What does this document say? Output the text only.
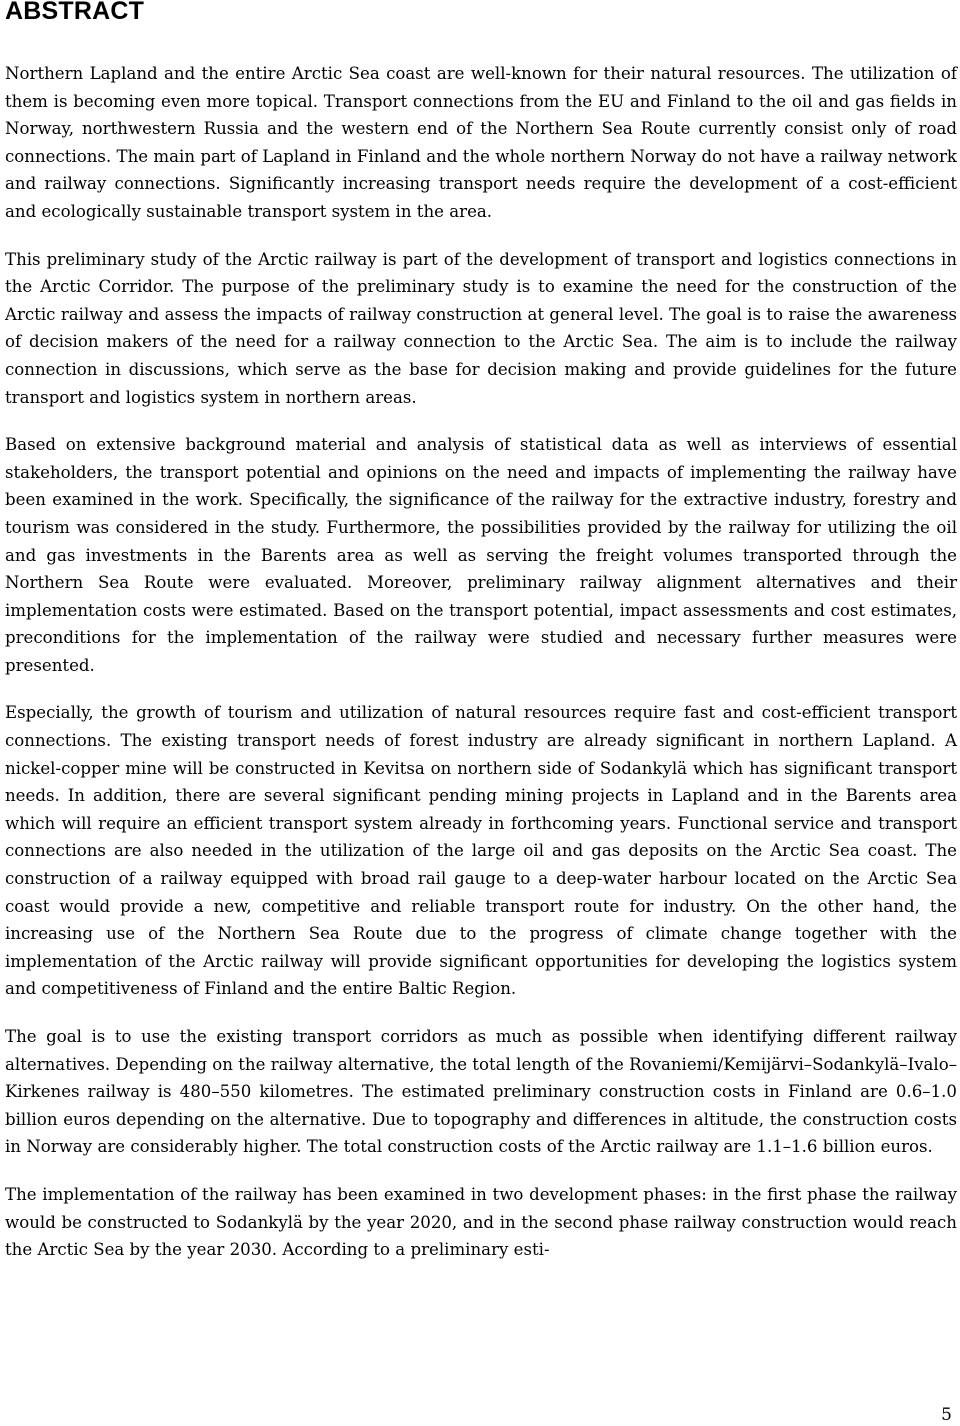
ABSTRACT

Northern Lapland and the entire Arctic Sea coast are well-known for their natural resources. The utilization of them is becoming even more topical. Transport connections from the EU and Finland to the oil and gas fields in Norway, northwestern Russia and the western end of the Northern Sea Route currently consist only of road connections. The main part of Lapland in Finland and the whole northern Norway do not have a railway network and railway connections. Significantly increasing transport needs require the development of a cost-efficient and ecologically sustainable transport system in the area.

This preliminary study of the Arctic railway is part of the development of transport and logistics connections in the Arctic Corridor. The purpose of the preliminary study is to examine the need for the construction of the Arctic railway and assess the impacts of railway construction at general level. The goal is to raise the awareness of decision makers of the need for a railway connection to the Arctic Sea. The aim is to include the railway connection in discussions, which serve as the base for decision making and provide guidelines for the future transport and logistics system in northern areas.

Based on extensive background material and analysis of statistical data as well as interviews of essential stakeholders, the transport potential and opinions on the need and impacts of implementing the railway have been examined in the work. Specifically, the significance of the railway for the extractive industry, forestry and tourism was considered in the study. Furthermore, the possibilities provided by the railway for utilizing the oil and gas investments in the Barents area as well as serving the freight volumes transported through the Northern Sea Route were evaluated. Moreover, preliminary railway alignment alternatives and their implementation costs were estimated. Based on the transport potential, impact assessments and cost estimates, preconditions for the implementation of the railway were studied and necessary further measures were presented.

Especially, the growth of tourism and utilization of natural resources require fast and cost-efficient transport connections. The existing transport needs of forest industry are already significant in northern Lapland. A nickel-copper mine will be constructed in Kevitsa on northern side of Sodankylä which has significant transport needs. In addition, there are several significant pending mining projects in Lapland and in the Barents area which will require an efficient transport system already in forthcoming years. Functional service and transport connections are also needed in the utilization of the large oil and gas deposits on the Arctic Sea coast. The construction of a railway equipped with broad rail gauge to a deep-water harbour located on the Arctic Sea coast would provide a new, competitive and reliable transport route for industry. On the other hand, the increasing use of the Northern Sea Route due to the progress of climate change together with the implementation of the Arctic railway will provide significant opportunities for developing the logistics system and competitiveness of Finland and the entire Baltic Region.

The goal is to use the existing transport corridors as much as possible when identifying different railway alternatives. Depending on the railway alternative, the total length of the Rovaniemi/Kemijärvi–Sodankylä–Ivalo–Kirkenes railway is 480–550 kilometres. The estimated preliminary construction costs in Finland are 0.6–1.0 billion euros depending on the alternative. Due to topography and differences in altitude, the construction costs in Norway are considerably higher. The total construction costs of the Arctic railway are 1.1–1.6 billion euros.

The implementation of the railway has been examined in two development phases: in the first phase the railway would be constructed to Sodankylä by the year 2020, and in the second phase railway construction would reach the Arctic Sea by the year 2030. According to a preliminary esti-

5
